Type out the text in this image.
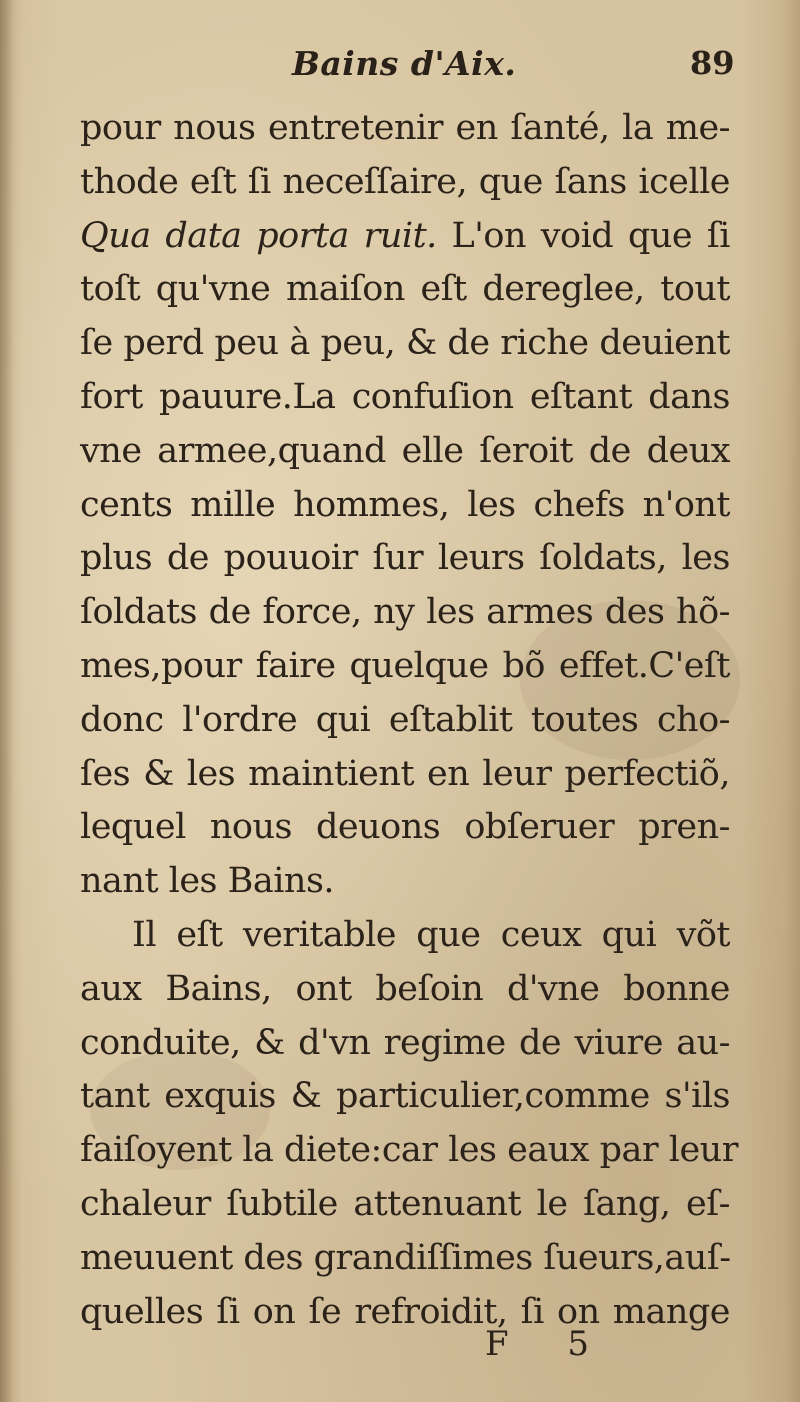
Bains d'Aix.	89
pour nous entretenir en ſanté, la me-
thode eſt ſi neceſſaire, que ſans icelle
Qua data porta ruit. L'on void que ſi
toſt qu'vne maiſon eſt dereglee, tout
ſe perd peu à peu, & de riche deuient
fort pauure.La confuſion eſtant dans
vne armee,quand elle ſeroit de deux
cents mille hommes, les chefs n'ont
plus de pouuoir ſur leurs ſoldats, les
ſoldats de force, ny les armes des hõ-
mes,pour faire quelque bõ effet.C'eſt
donc l'ordre qui eſtablit toutes cho-
ſes & les maintient en leur perfectiõ,
lequel nous deuons obſeruer pren-
nant les Bains.
Il eſt veritable que ceux qui võt
aux Bains, ont beſoin d'vne bonne
conduite, & d'vn regime de viure au-
tant exquis & particulier,comme s'ils
faiſoyent la diete:car les eaux par leur
chaleur ſubtile attenuant le ſang, eſ-
meuuent des grandiſſimes ſueurs,auſ-
quelles ſi on ſe refroidit, ſi on mange
F 5
